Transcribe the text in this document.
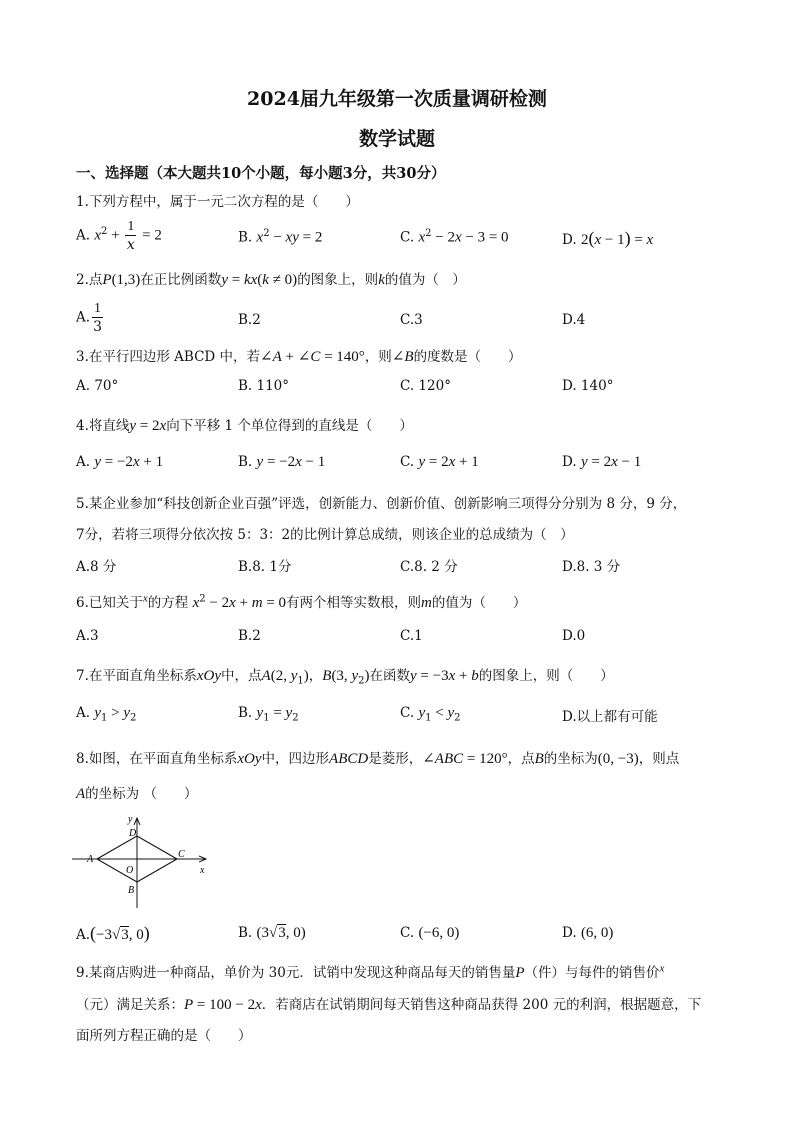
2024届九年级第一次质量调研检测
数学试题
一、选择题（本大题共10个小题，每小题3分，共30分）
1.下列方程中，属于一元二次方程的是（　　）
A. $x^2 + \frac{1}{x} = 2$	B. $x^2$ − xy = 2	C. $x^2 - 2x - 3 = 0$	D. 2(x − 1) = x
2.点P(1,3)在正比例函数y = kx(k ≠ 0)的图象上，则k的值为（　）
A. $\frac{1}{3}$	B.2	C.3	D.4
3.在平行四边形 ABCD 中，若∠A + ∠C = 140°，则∠B的度数是（　　）
A. 70°	B. 110°	C. 120°	D. 140°
4.将直线y = 2x向下平移 1 个单位得到的直线是（　　）
A. y = −2x + 1	B. y = −2x − 1	C. y = 2x + 1	D. y = 2x − 1
5.某企业参加“科技创新企业百强”评选，创新能力、创新价值、创新影响三项得分分别为 8 分，9 分，
7分，若将三项得分依次按 5：3：2的比例计算总成绩，则该企业的总成绩为（　）
A.8 分	B.8. 1分	C.8. 2 分	D.8. 3 分
6.已知关于$^x$的方程 $x^2 - 2x + m = 0$有两个相等实数根，则m的值为（　　）
A.3	B.2	C.1	D.0
7.在平面直角坐标系xOy中，点A(2, $y_1$)，B(3, $y_2$)在函数y = −3x + b的图象上，则（　　）
A. $y_1 > y_2$	B. $y_1 = y_2$	C. $y_1 < y_2$	D.以上都有可能
8.如图，在平面直角坐标系xOy中，四边形ABCD是菱形，∠ABC = 120°，点B的坐标为(0, −3)，则点
A的坐标为 （　　）
y
x
A	C
D
B
O
A.(−3√3, 0)	B. (3√3, 0)	C. (−6, 0)	D. (6, 0)
9.某商店购进一种商品，单价为 30元．试销中发现这种商品每天的销售量P（件）与每件的销售价$^x$
（元）满足关系：P = 100 − 2x．若商店在试销期间每天销售这种商品获得 200 元的利润，根据题意，下
面所列方程正确的是（　　）
